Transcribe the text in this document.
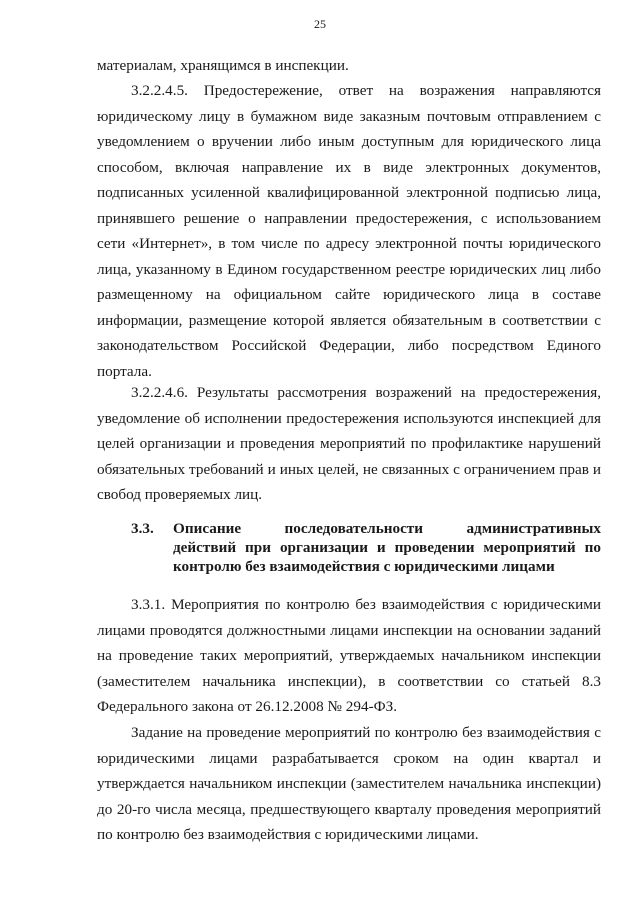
25

материалам, хранящимся в инспекции.

3.2.2.4.5. Предостережение, ответ на возражения направляются юридическому лицу в бумажном виде заказным почтовым отправлением с уведомлением о вручении либо иным доступным для юридического лица способом, включая направление их в виде электронных документов, подписанных усиленной квалифицированной электронной подписью лица, принявшего решение о направлении предостережения, с использованием сети «Интернет», в том числе по адресу электронной почты юридического лица, указанному в Едином государственном реестре юридических лиц либо размещенному на официальном сайте юридического лица в составе информации, размещение которой является обязательным в соответствии с законодательством Российской Федерации, либо посредством Единого портала.

3.2.2.4.6. Результаты рассмотрения возражений на предостережения, уведомление об исполнении предостережения используются инспекцией для целей организации и проведения мероприятий по профилактике нарушений обязательных требований и иных целей, не связанных с ограничением прав и свобод проверяемых лиц.

3.3. Описание последовательности административных
действий при организации и проведении мероприятий по
контролю без взаимодействия с юридическими лицами

3.3.1. Мероприятия по контролю без взаимодействия с юридическими лицами проводятся должностными лицами инспекции на основании заданий на проведение таких мероприятий, утверждаемых начальником инспекции (заместителем начальника инспекции), в соответствии со статьей 8.3 Федерального закона от 26.12.2008 № 294-ФЗ.

Задание на проведение мероприятий по контролю без взаимодействия с юридическими лицами разрабатывается сроком на один квартал и утверждается начальником инспекции (заместителем начальника инспекции) до 20-го числа месяца, предшествующего кварталу проведения мероприятий по контролю без взаимодействия с юридическими лицами.
